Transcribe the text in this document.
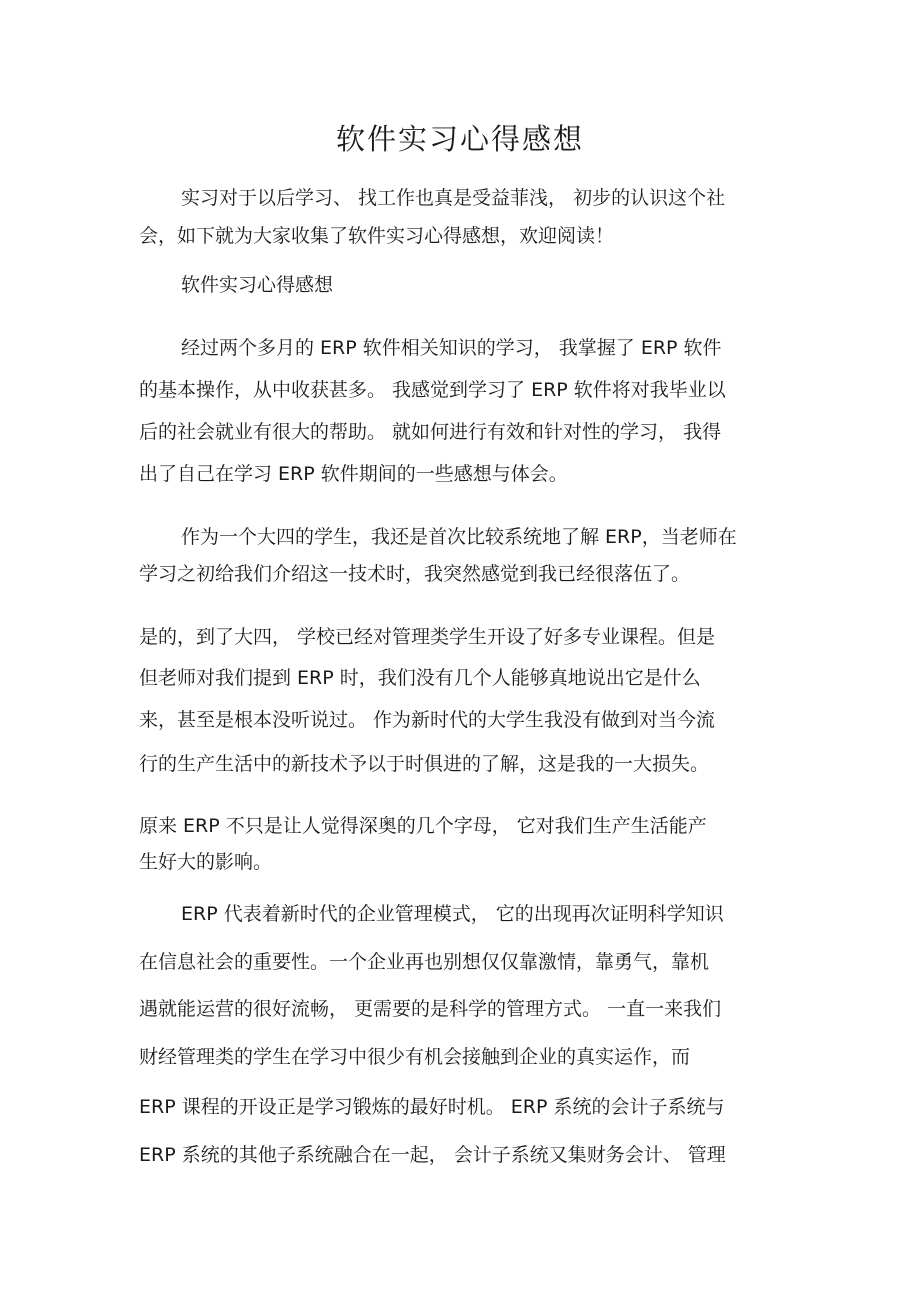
软件实习心得感想

实习对于以后学习、 找工作也真是受益菲浅， 初步的认识这个社

会，如下就为大家收集了软件实习心得感想，欢迎阅读！

软件实习心得感想

经过两个多月的 ERP 软件相关知识的学习， 我掌握了 ERP 软件

的基本操作，从中收获甚多。 我感觉到学习了 ERP 软件将对我毕业以

后的社会就业有很大的帮助。 就如何进行有效和针对性的学习， 我得

出了自己在学习 ERP 软件期间的一些感想与体会。

作为一个大四的学生，我还是首次比较系统地了解 ERP，当老师在

学习之初给我们介绍这一技术时，我突然感觉到我已经很落伍了。

是的，到了大四， 学校已经对管理类学生开设了好多专业课程。但是

但老师对我们提到 ERP 时，我们没有几个人能够真地说出它是什么

来，甚至是根本没听说过。 作为新时代的大学生我没有做到对当今流

行的生产生活中的新技术予以于时俱进的了解，这是我的一大损失。

原来 ERP 不只是让人觉得深奥的几个字母， 它对我们生产生活能产

生好大的影响。

ERP 代表着新时代的企业管理模式， 它的出现再次证明科学知识

在信息社会的重要性。一个企业再也别想仅仅靠激情，靠勇气，靠机

遇就能运营的很好流畅， 更需要的是科学的管理方式。 一直一来我们

财经管理类的学生在学习中很少有机会接触到企业的真实运作，而

ERP 课程的开设正是学习锻炼的最好时机。 ERP 系统的会计子系统与

ERP 系统的其他子系统融合在一起， 会计子系统又集财务会计、 管理
